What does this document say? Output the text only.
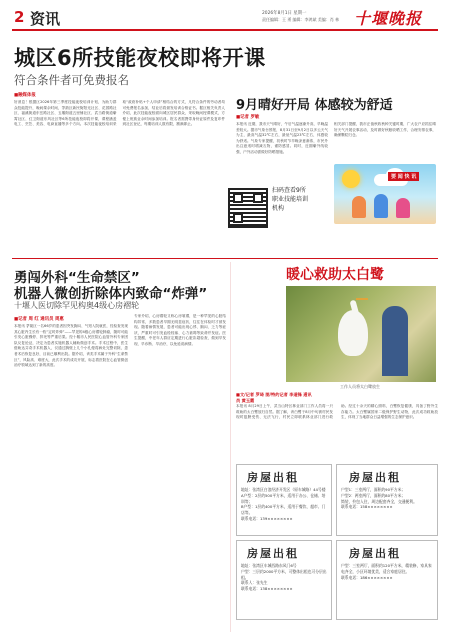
2 资讯	2026年8月1日 星期一
责任编辑：王 勇 编辑：李鸿斌 美编：肖 林 十堰晚报
城区6所技能夜校即将开课
符合条件者可免费报名
■融媒体报
好消息！根据区2026年第三季度技能夜校培训计划，为助力群众技能提升，晚间课余时间，茅箭区新民街阳光社区、花园路社区、福溪街道东岳路社区、五堰街道五里铺社区、武当路街道紫霄社区、红卫街道东风社区等6所技能夜校即将开课，课程涵盖电工、烹饪、美容、电商直播等多个方向。本次技能夜校培训采取“政府补贴+个人申请”相结合的方式，凡符合条件的劳动者均可免费报名参加，结业后将颁发培训合格证书。据区相关负责人介绍，此次技能夜校面向城区居民群众，采取晚间授课模式，方便上班族业余时间参加培训。报名者需携带身份证原件及复印件到社区登记，每期培训人数有限，额满即止。
扫码查看9所职业技能培训机构
9月晴好开局 体感较为舒适
■记者 罗敏
本报讯 近期，我市天气晴好，午后气温逐渐升高，早晚温差较大。据市气象台预报，8月31日至9月2日以多云天气为主，最高气温32℃左右，最低气温23℃左右，体感较为舒适。气象专家提醒，初秋时节早晚凉意渐浓，市民外出注意适时增减衣物，谨防感冒。同时，近期紫外线较强，户外活动需做好防晒措施。
相关部门提醒，我市正值秋收秋种关键时期，广大农户应抓住晴好天气开展农事活动，及时做好秋粮收晒工作，合理安排农事，确保颗粒归仓。
要 闻 快 讯
勇闯外科“生命禁区”
机器人微创折除体内致命“炸弹”
十堰人医切除罕见构奥4级心房褶轮
■记者 周 红 通讯员 周惠
本报讯 茅箭区一名66岁的患者因突发胸闷、气短入院就医，经检查发现其心脏内生长有一枚“定时炸弹”——罕见的4级心房褶轮肿瘤，随时可能引发心脏骤停、猝死等严重后果。经十堰市人民医院心血管外科专家团队反复论证，决定为患者实施机器人辅助微创手术。手术过程中，医生借助达芬奇手术机器人，仅通过胸壁上几个小孔便将病灶完整切除，患者术后恢复良好，目前已顺利出院。据介绍，该类手术属于外科“生命禁区”，风险高、难度大，此次手术的成功开展，标志着医院在心血管微创治疗领域达到了新的高度。
专家介绍，心房褶轮又称心房皱褶，是一种罕见的心脏结构异常，多数患者早期无明显症状，往往在体检时才被发现。随着病情发展，患者可能出现心悸、胸闷、乏力等症状，严重时可引发血栓栓塞、心力衰竭等致命并发症。医生提醒，中老年人群应定期进行心脏彩超检查，做到早发现、早诊断、早治疗，以免延误病情。
暖心救助太白鹭
工作人员将太白鹭放生
■文/记者 罗琦 图/特约记者 李道锋 通讯员 黄玉霞
本报讯 8月29日上午，武当山特区林业部门工作人员将一只救助的太白鹭放归自然。据了解，该白鹭于8月中旬被村民发现时翅膀受伤、无法飞行，村民立即联系林业部门进行救助。经过十余天的精心照料，白鹭恢复健康，具备了野外生存能力。太白鹭属国家二级保护野生动物，此次成功救助放生，体现了当地群众日益增强的生态保护意识。
房屋出租
地址：张湾区白浪经济开发区（原车城路）44号楼
A户型：2层约500平方米，适用于办公、仓储、培训等；
B户型：1层约400平方米，适用于餐饮、超市、门店等。
联系电话：139××××××××
房屋出租
地址：张湾区车城西路东风门6号
户型：三层约2000平方米，可整体出租也可分层出租。
联系人：张先生
联系电话：138××××××××
房屋出租
户型1：三室两厅，面积约90平方米；
户型2：两室两厅，面积约80平方米；
简装，拎包入住，周边配套齐全，交通便利。
联系电话：158××××××××
房屋出租
户型：三室两厅，面积约120平方米，精装修，家具家电齐全，小区环境优美，适合家庭居住。
联系电话：186××××××××
